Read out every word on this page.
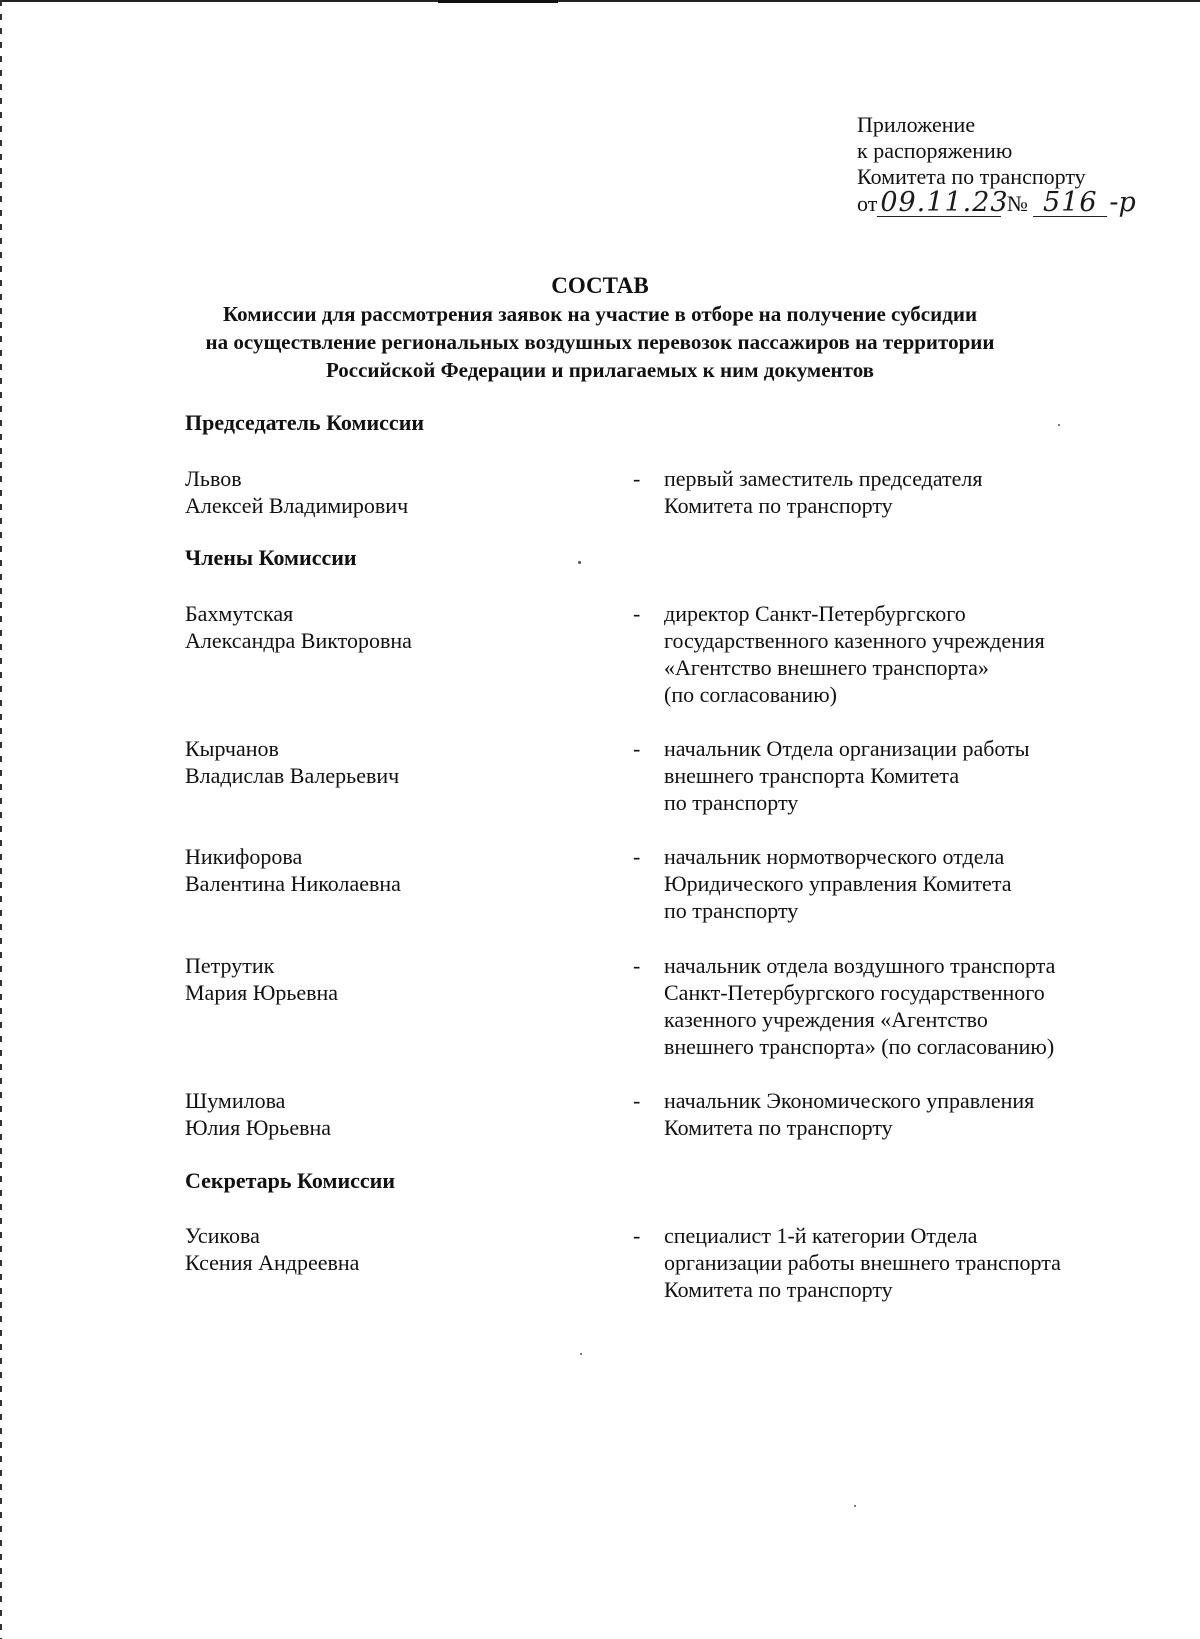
Приложение
к распоряжению
Комитета по транспорту
от 09.11.23 № 516 -р
СОСТАВ
Комиссии для рассмотрения заявок на участие в отборе на получение субсидии
на осуществление региональных воздушных перевозок пассажиров на территории
Российской Федерации и прилагаемых к ним документов
Председатель Комиссии
Львов
Алексей Владимирович
- первый заместитель председателя
Комитета по транспорту
Члены Комиссии
Бахмутская
Александра Викторовна
- директор Санкт-Петербургского
государственного казенного учреждения
«Агентство внешнего транспорта»
(по согласованию)
Кырчанов
Владислав Валерьевич
- начальник Отдела организации работы
внешнего транспорта Комитета
по транспорту
Никифорова
Валентина Николаевна
- начальник нормотворческого отдела
Юридического управления Комитета
по транспорту
Петрутик
Мария Юрьевна
- начальник отдела воздушного транспорта
Санкт-Петербургского государственного
казенного учреждения «Агентство
внешнего транспорта» (по согласованию)
Шумилова
Юлия Юрьевна
- начальник Экономического управления
Комитета по транспорту
Секретарь Комиссии
Усикова
Ксения Андреевна
- специалист 1-й категории Отдела
организации работы внешнего транспорта
Комитета по транспорту
